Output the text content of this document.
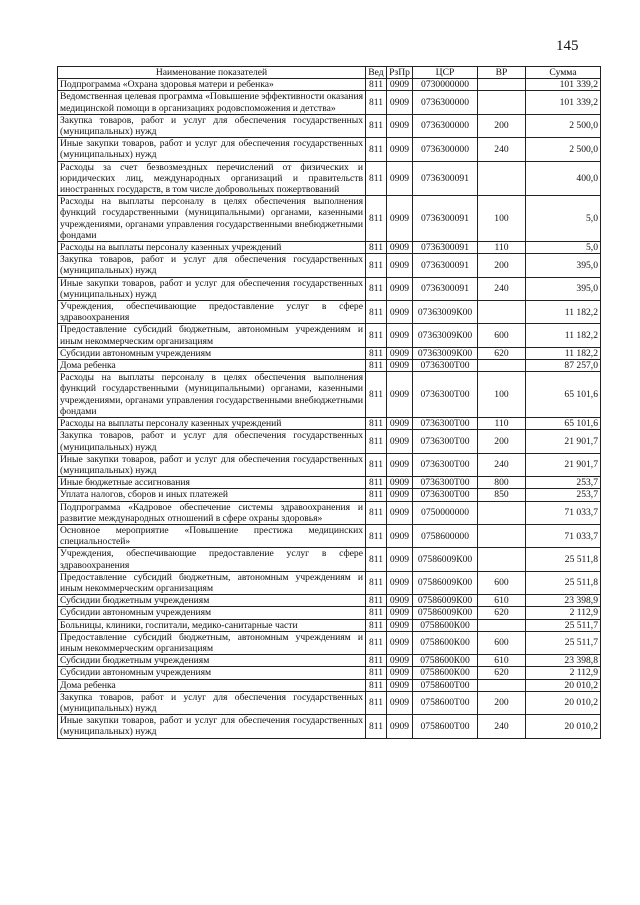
145
Наименование показателей	Вед	РзПр	ЦСР	ВР	Сумма
Подпрограмма «Охрана здоровья матери и ребенка»	811	0909	0730000000		101 339,2
Ведомственная целевая программа «Повышение эффективности оказания медицинской помощи в организациях родовспоможения и детства»	811	0909	0736300000		101 339,2
Закупка товаров, работ и услуг для обеспечения государственных (муниципальных) нужд	811	0909	0736300000	200	2 500,0
Иные закупки товаров, работ и услуг для обеспечения государственных (муниципальных) нужд	811	0909	0736300000	240	2 500,0
Расходы за счет безвозмездных перечислений от физических и юридических лиц, международных организаций и правительств иностранных государств, в том числе добровольных пожертвований	811	0909	0736300091		400,0
Расходы на выплаты персоналу в целях обеспечения выполнения функций государственными (муниципальными) органами, казенными учреждениями, органами управления государственными внебюджетными фондами	811	0909	0736300091	100	5,0
Расходы на выплаты персоналу казенных учреждений	811	0909	0736300091	110	5,0
Закупка товаров, работ и услуг для обеспечения государственных (муниципальных) нужд	811	0909	0736300091	200	395,0
Иные закупки товаров, работ и услуг для обеспечения государственных (муниципальных) нужд	811	0909	0736300091	240	395,0
Учреждения, обеспечивающие предоставление услуг в сфере здравоохранения	811	0909	07363009К00		11 182,2
Предоставление субсидий бюджетным, автономным учреждениям и иным некоммерческим организациям	811	0909	07363009К00	600	11 182,2
Субсидии автономным учреждениям	811	0909	07363009К00	620	11 182,2
Дома ребенка	811	0909	0736300Т00		87 257,0
Расходы на выплаты персоналу в целях обеспечения выполнения функций государственными (муниципальными) органами, казенными учреждениями, органами управления государственными внебюджетными фондами	811	0909	0736300Т00	100	65 101,6
Расходы на выплаты персоналу казенных учреждений	811	0909	0736300Т00	110	65 101,6
Закупка товаров, работ и услуг для обеспечения государственных (муниципальных) нужд	811	0909	0736300Т00	200	21 901,7
Иные закупки товаров, работ и услуг для обеспечения государственных (муниципальных) нужд	811	0909	0736300Т00	240	21 901,7
Иные бюджетные ассигнования	811	0909	0736300Т00	800	253,7
Уплата налогов, сборов и иных платежей	811	0909	0736300Т00	850	253,7
Подпрограмма «Кадровое обеспечение системы здравоохранения и развитие международных отношений в сфере охраны здоровья»	811	0909	0750000000		71 033,7
Основное мероприятие «Повышение престижа медицинских специальностей»	811	0909	0758600000		71 033,7
Учреждения, обеспечивающие предоставление услуг в сфере здравоохранения	811	0909	07586009К00		25 511,8
Предоставление субсидий бюджетным, автономным учреждениям и иным некоммерческим организациям	811	0909	07586009К00	600	25 511,8
Субсидии бюджетным учреждениям	811	0909	07586009К00	610	23 398,9
Субсидии автономным учреждениям	811	0909	07586009К00	620	2 112,9
Больницы, клиники, госпитали, медико-санитарные части	811	0909	0758600К00		25 511,7
Предоставление субсидий бюджетным, автономным учреждениям и иным некоммерческим организациям	811	0909	0758600К00	600	25 511,7
Субсидии бюджетным учреждениям	811	0909	0758600К00	610	23 398,8
Субсидии автономным учреждениям	811	0909	0758600К00	620	2 112,9
Дома ребенка	811	0909	0758600Т00		20 010,2
Закупка товаров, работ и услуг для обеспечения государственных (муниципальных) нужд	811	0909	0758600Т00	200	20 010,2
Иные закупки товаров, работ и услуг для обеспечения государственных (муниципальных) нужд	811	0909	0758600Т00	240	20 010,2
